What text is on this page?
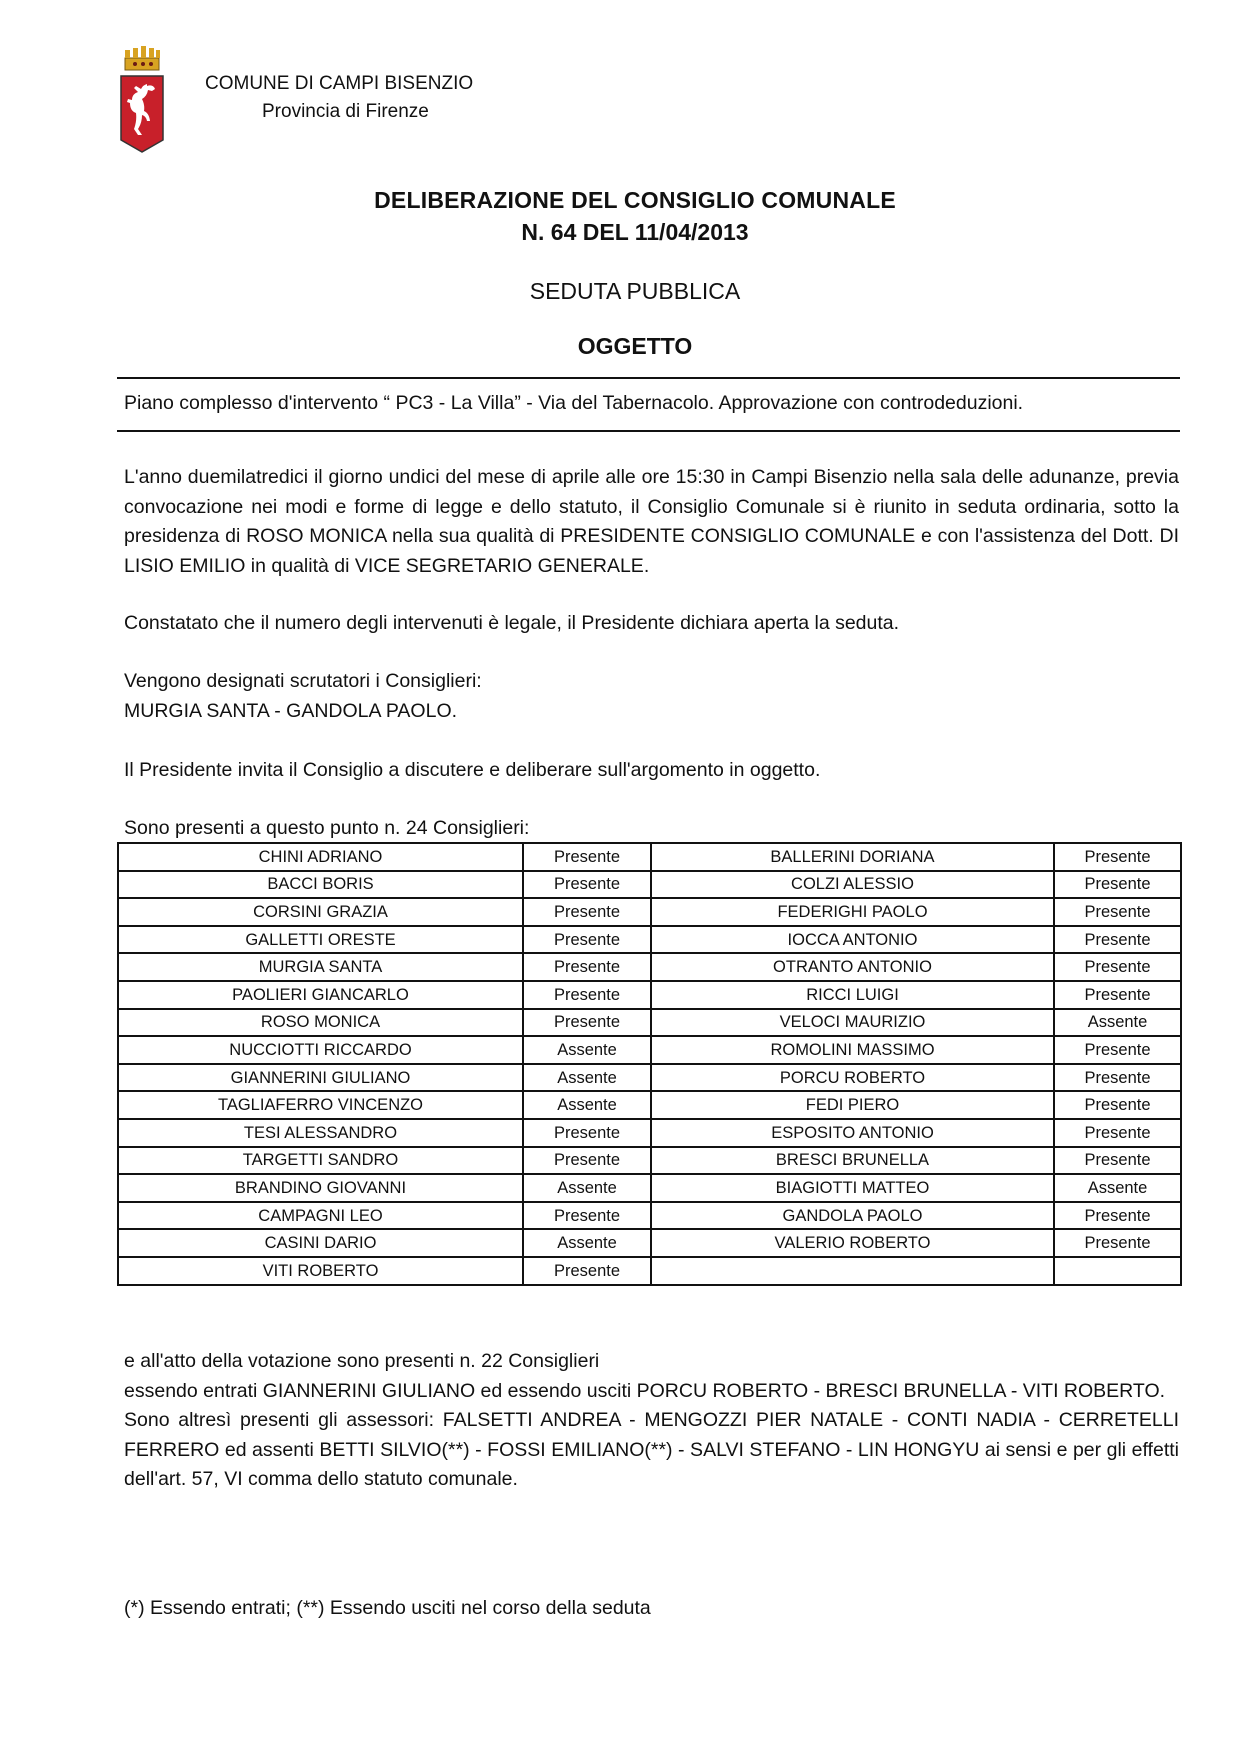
COMUNE DI CAMPI BISENZIO
Provincia di Firenze
DELIBERAZIONE DEL CONSIGLIO COMUNALE
N. 64 DEL 11/04/2013
SEDUTA PUBBLICA
OGGETTO
Piano complesso d'intervento “ PC3 - La Villa” - Via del Tabernacolo. Approvazione con controdeduzioni.
L'anno duemilatredici il giorno undici del mese di aprile alle ore 15:30 in Campi Bisenzio nella sala delle adunanze, previa convocazione nei modi e forme di legge e dello statuto, il Consiglio Comunale si è riunito in seduta ordinaria, sotto la presidenza di ROSO MONICA nella sua qualità di PRESIDENTE CONSIGLIO COMUNALE e con l'assistenza del Dott. DI LISIO EMILIO in qualità di VICE SEGRETARIO GENERALE.
Constatato che il numero degli intervenuti è legale, il Presidente dichiara aperta la seduta.
Vengono designati scrutatori i Consiglieri:
MURGIA SANTA - GANDOLA PAOLO.
Il Presidente invita il Consiglio a discutere e deliberare sull'argomento in oggetto.
Sono presenti a questo punto n. 24 Consiglieri:
CHINI ADRIANO	Presente	BALLERINI DORIANA	Presente
BACCI BORIS	Presente	COLZI ALESSIO	Presente
CORSINI GRAZIA	Presente	FEDERIGHI PAOLO	Presente
GALLETTI ORESTE	Presente	IOCCA ANTONIO	Presente
MURGIA SANTA	Presente	OTRANTO ANTONIO	Presente
PAOLIERI GIANCARLO	Presente	RICCI LUIGI	Presente
ROSO MONICA	Presente	VELOCI MAURIZIO	Assente
NUCCIOTTI RICCARDO	Assente	ROMOLINI MASSIMO	Presente
GIANNERINI GIULIANO	Assente	PORCU ROBERTO	Presente
TAGLIAFERRO VINCENZO	Assente	FEDI PIERO	Presente
TESI ALESSANDRO	Presente	ESPOSITO ANTONIO	Presente
TARGETTI SANDRO	Presente	BRESCI BRUNELLA	Presente
BRANDINO GIOVANNI	Assente	BIAGIOTTI MATTEO	Assente
CAMPAGNI LEO	Presente	GANDOLA PAOLO	Presente
CASINI DARIO	Assente	VALERIO ROBERTO	Presente
VITI ROBERTO	Presente		
e all'atto della votazione sono presenti n. 22 Consiglieri
essendo entrati GIANNERINI GIULIANO ed essendo usciti PORCU ROBERTO - BRESCI BRUNELLA - VITI ROBERTO.
Sono altresì presenti gli assessori: FALSETTI ANDREA - MENGOZZI PIER NATALE - CONTI NADIA - CERRETELLI FERRERO ed assenti BETTI SILVIO(**) - FOSSI EMILIANO(**) - SALVI STEFANO - LIN HONGYU ai sensi e per gli effetti dell'art. 57, VI comma dello statuto comunale.
(*) Essendo entrati; (**) Essendo usciti nel corso della seduta
